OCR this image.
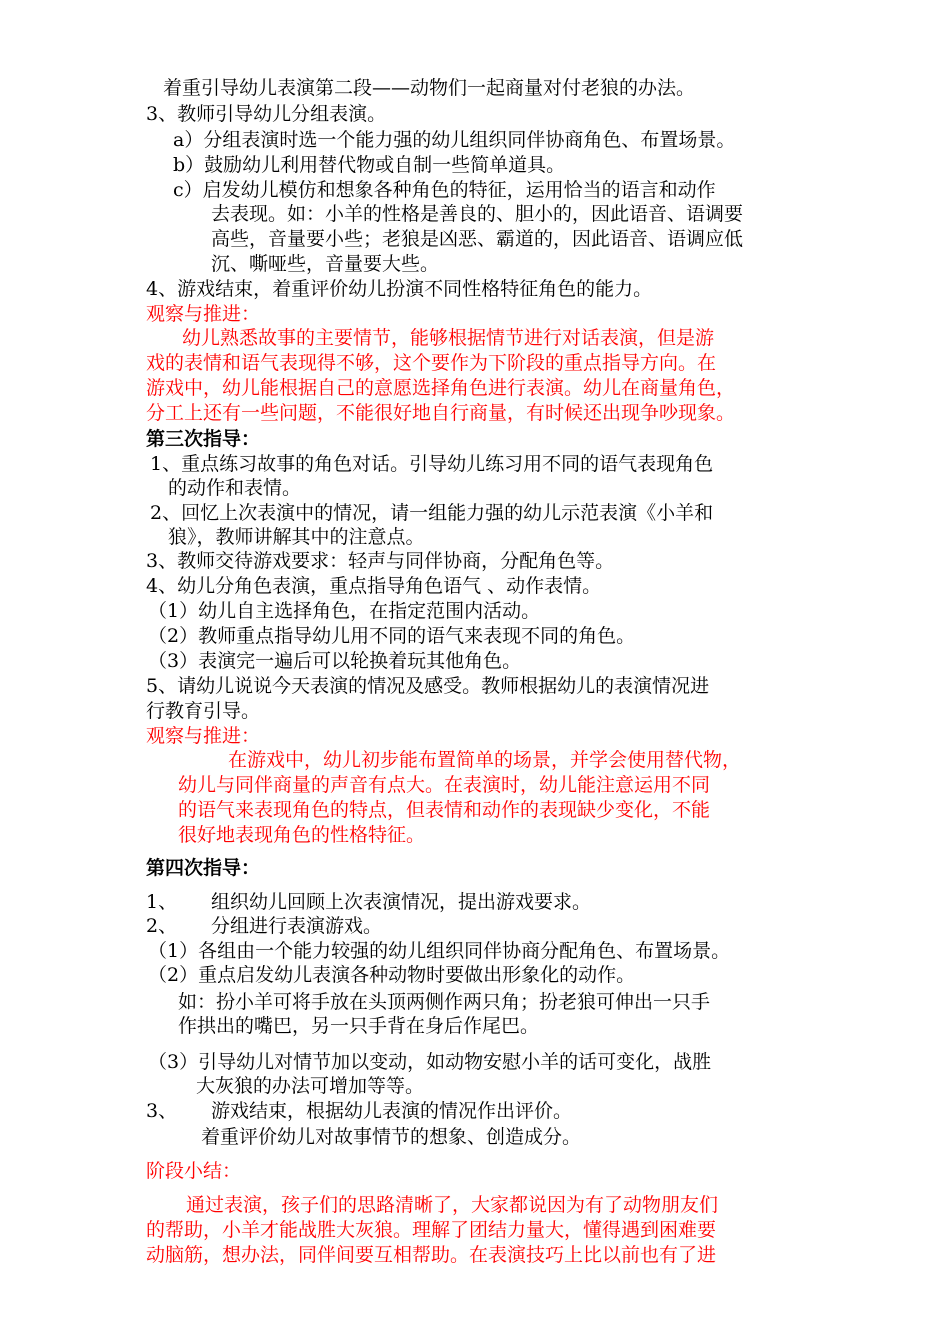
着重引导幼儿表演第二段——动物们一起商量对付老狼的办法。
3、教师引导幼儿分组表演。
a）分组表演时选一个能力强的幼儿组织同伴协商角色、布置场景。
b）鼓励幼儿利用替代物或自制一些简单道具。
c）启发幼儿模仿和想象各种角色的特征，运用恰当的语言和动作
去表现。如：小羊的性格是善良的、胆小的，因此语音、语调要
高些，音量要小些；老狼是凶恶、霸道的，因此语音、语调应低
沉、嘶哑些，音量要大些。
4、游戏结束，着重评价幼儿扮演不同性格特征角色的能力。
观察与推进：
幼儿熟悉故事的主要情节，能够根据情节进行对话表演，但是游
戏的表情和语气表现得不够，这个要作为下阶段的重点指导方向。在
游戏中，幼儿能根据自己的意愿选择角色进行表演。幼儿在商量角色，
分工上还有一些问题，不能很好地自行商量，有时候还出现争吵现象。
第三次指导：
1、重点练习故事的角色对话。引导幼儿练习用不同的语气表现角色
的动作和表情。
2、回忆上次表演中的情况，请一组能力强的幼儿示范表演《小羊和
狼》，教师讲解其中的注意点。
3、教师交待游戏要求：轻声与同伴协商，分配角色等。
4、幼儿分角色表演，重点指导角色语气 、动作表情。
（1）幼儿自主选择角色，在指定范围内活动。
（2）教师重点指导幼儿用不同的语气来表现不同的角色。
（3）表演完一遍后可以轮换着玩其他角色。
5、请幼儿说说今天表演的情况及感受。教师根据幼儿的表演情况进
行教育引导。
观察与推进：
在游戏中，幼儿初步能布置简单的场景，并学会使用替代物，
幼儿与同伴商量的声音有点大。在表演时，幼儿能注意运用不同
的语气来表现角色的特点，但表情和动作的表现缺少变化，不能
很好地表现角色的性格特征。
第四次指导：
1、 组织幼儿回顾上次表演情况，提出游戏要求。
2、 分组进行表演游戏。
（1）各组由一个能力较强的幼儿组织同伴协商分配角色、布置场景。
（2）重点启发幼儿表演各种动物时要做出形象化的动作。
如：扮小羊可将手放在头顶两侧作两只角；扮老狼可伸出一只手
作拱出的嘴巴，另一只手背在身后作尾巴。
（3）引导幼儿对情节加以变动，如动物安慰小羊的话可变化，战胜
大灰狼的办法可增加等等。
3、 游戏结束，根据幼儿表演的情况作出评价。
着重评价幼儿对故事情节的想象、创造成分。
阶段小结：
通过表演，孩子们的思路清晰了，大家都说因为有了动物朋友们
的帮助，小羊才能战胜大灰狼。理解了团结力量大，懂得遇到困难要
动脑筋，想办法，同伴间要互相帮助。在表演技巧上比以前也有了进
